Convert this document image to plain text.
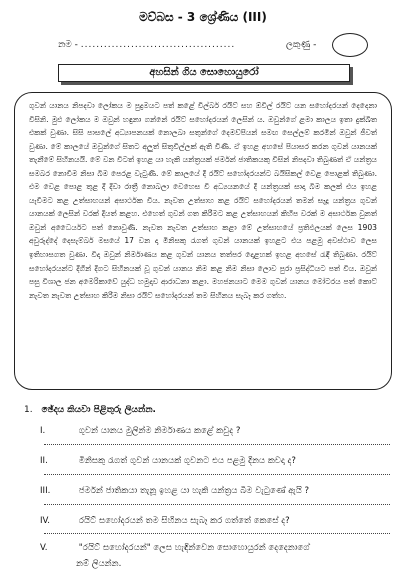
මව්බස - 3 ශ්‍රේණිය (III)
නම - ........................................	ලකුණු -
අහසින් ගිය සොහොයුරෝ
ගුවන් යානය නිපදවා ලෝකය ම පුදුමයට පත් කළේ විල්බර් රයිට් සහ ඕවිල් රයිට් යන සහෝදරයන් දෙදෙනා විසිනි. මුළු ලෝකය ම ඔවුන් හඳුනා ගන්නේ රයිට් සහෝදරයන් ලෙසින් ය. ඔවුන්ගේ ළමා කාලය ඉතා දුක්ඛිත එකක් වුණා. සිසි පාසලේ අධ්‍යාපනයක් නොලබා සතුන්ගේ දෙමව්පියන් සමඟ සෙල්ලම් කරමින් ඔවුන් ජීවත් වුණා. මේ කාලයේ ඔවුන්ගේ සිතට අලුත් සිතුවිල්ලක් ඇති විණි. ඒ ඉහළ අහසේ පියාසර කරන ගුවන් යානයක් තැනීමේ සිහිනයයි. මේ වන විටත් ඉහළ යා හැකි යන්ත්‍රයක් ජර්මන් ජාතිකයකු විසින් නිපදවා තිබුණත් ඒ යන්ත්‍රය සමබර නොවීම නිසා බිම පෙරළ වැටුණි. මේ කාලයේ දී රයිට් සහෝදරයන්ට බයිසිකල් වෙළ පොළක් තිබුණා. එම වෙළ පොළ තුළ දී දිවා රාත්‍රී නොබලා වෙහෙස වී අධ්‍යයනයේ දී යන්ත්‍රයක් සාදා බිම කලක් එය ඉහළ යැවීමට කළ උත්සාහයන් අසාර්ථක විය. නැවත උත්සාහ කළ රයිට් සහෝදරයන් තමන් සෑදූ යන්ත්‍රය ගුවන් යානයක් ලෙසින් වරක් දියත් කළහ. එහෙත් ගුවන් ගත කිරීමට කළ උත්සාහයන් කිහිප වරක් ම අසාර්ථක වුනත් ඔවුන් අධෛර්යට පත් නොවුණි. නැවත නැවත උත්සාහ කළා මේ උත්සාහයේ ප්‍රතිඵලයක් ලෙස 1903 අවුරුද්දේ දෙසැම්බර් මසයේ 17 වන දා මිනිසකු රැගත් ගුවන් යානයක් ඉහළට එය පළමු අවස්ථාව ලෙස ඉතිහාසගත වුණා. විදා ඔවුන් නිර්මාණය කළ ගුවන් යානය තත්පර දොළහක් ඉහළ අහසේ රැඳී තිබුණා. රයිට් සහෝදරයන්ට දිගින් දිගට සිහිනයක් වූ ගුවන් යානය නිම කළ නිම නිසා ලොව පුරා ප්‍රසිද්ධියට පත් විය. ඔවුන් පසු විශාල ජන අමෙරිකාවේ යුද්ධ හමුදාව ආරාධනා කළා. මහජනයාට මෙම ගුවන් යානය මෝටරය පත් කොට් නැවත නැවත උත්සාහ කිරීම නිසා රයිට් සහෝදරයන් තම සිහිනය සැබෑ කර ගත්හ.
1. ඡේදය කියවා පිළිතුරු ලියන්න.
I.	ගුවන් යානය මුලින්ම නිර්මාණය කළේ කවුද ?
II.	මිනිසකු රැගත් ගුවන් යානයක් ගුවනට එය පළමු දිනය කවදා ද?
III.	ජර්මන් ජාතිකයා තැනූ ඉහළ යා හැකි යන්ත්‍රය බිම වැටුණේ ඇයි ?
IV.	රයිට් සහෝදරයන් තම සිහිනය සැබෑ කර ගත්තේ කෙසේ ද?
V.	"රයිට් සහෝදරයන්" ලෙස හැඳින්වෙන සොහොයුරන් දෙදෙනාගේ
නම් ලියන්න.
